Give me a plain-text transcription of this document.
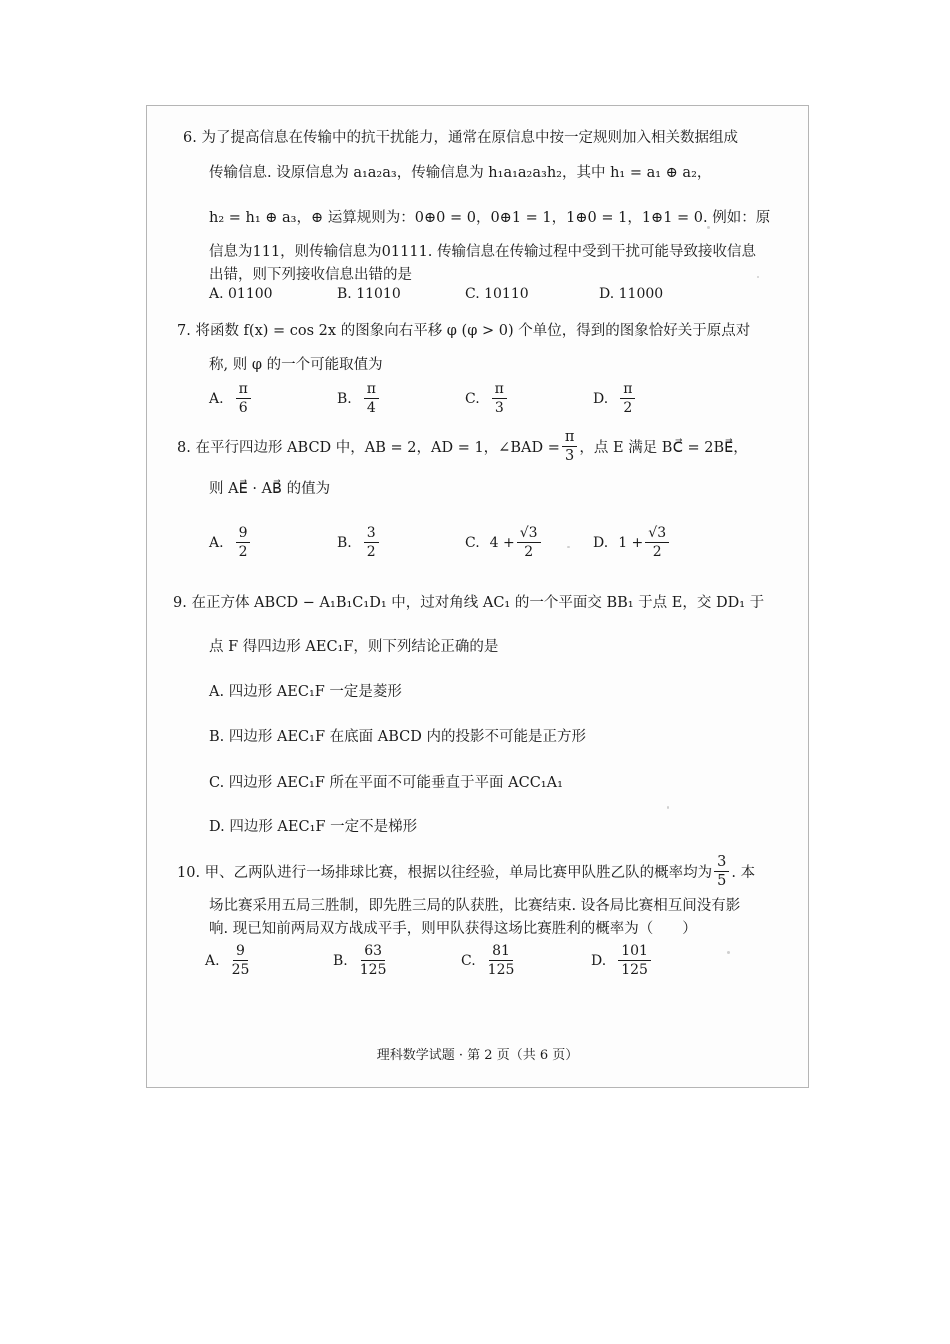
6. 为了提高信息在传输中的抗干扰能力，通常在原信息中按一定规则加入相关数据组成
传输信息. 设原信息为 a₁a₂a₃，传输信息为 h₁a₁a₂a₃h₂，其中 h₁ = a₁ ⊕ a₂，
h₂ = h₁ ⊕ a₃，⊕ 运算规则为：0⊕0 = 0，0⊕1 = 1，1⊕0 = 1，1⊕1 = 0. 例如：原
信息为111，则传输信息为01111. 传输信息在传输过程中受到干扰可能导致接收信息
出错，则下列接收信息出错的是
A. 01100	B. 11010	C. 10110	D. 11000
7. 将函数 f(x) = cos 2x 的图象向右平移 φ (φ > 0) 个单位，得到的图象恰好关于原点对
称, 则 φ 的一个可能取值为
A. $\frac{\pi}{6}$	B. $\frac{\pi}{4}$	C. $\frac{\pi}{3}$	D. $\frac{\pi}{2}$
8. 在平行四边形 ABCD 中，AB = 2，AD = 1，∠BAD = $\frac{\pi}{3}$ ，点 E 满足 BC⃗ = 2BE⃗，
则 AE⃗ · AB⃗ 的值为
A. $\frac{9}{2}$	B. $\frac{3}{2}$	C. $4 + \frac{√3}{2}$	D. $1 + \frac{√3}{2}$
9. 在正方体 ABCD − A₁B₁C₁D₁ 中，过对角线 AC₁ 的一个平面交 BB₁ 于点 E，交 DD₁ 于
点 F 得四边形 AEC₁F，则下列结论正确的是
A. 四边形 AEC₁F 一定是菱形
B. 四边形 AEC₁F 在底面 ABCD 内的投影不可能是正方形
C. 四边形 AEC₁F 所在平面不可能垂直于平面 ACC₁A₁
D. 四边形 AEC₁F 一定不是梯形
10. 甲、乙两队进行一场排球比赛，根据以往经验，单局比赛甲队胜乙队的概率均为 $\frac{3}{5}$ . 本
场比赛采用五局三胜制，即先胜三局的队获胜，比赛结束. 设各局比赛相互间没有影
响. 现已知前两局双方战成平手，则甲队获得这场比赛胜利的概率为（　　）
A. $\frac{9}{25}$	B. $\frac{63}{125}$	C. $\frac{81}{125}$	D. $\frac{101}{125}$
理科数学试题 · 第 2 页（共 6 页）
